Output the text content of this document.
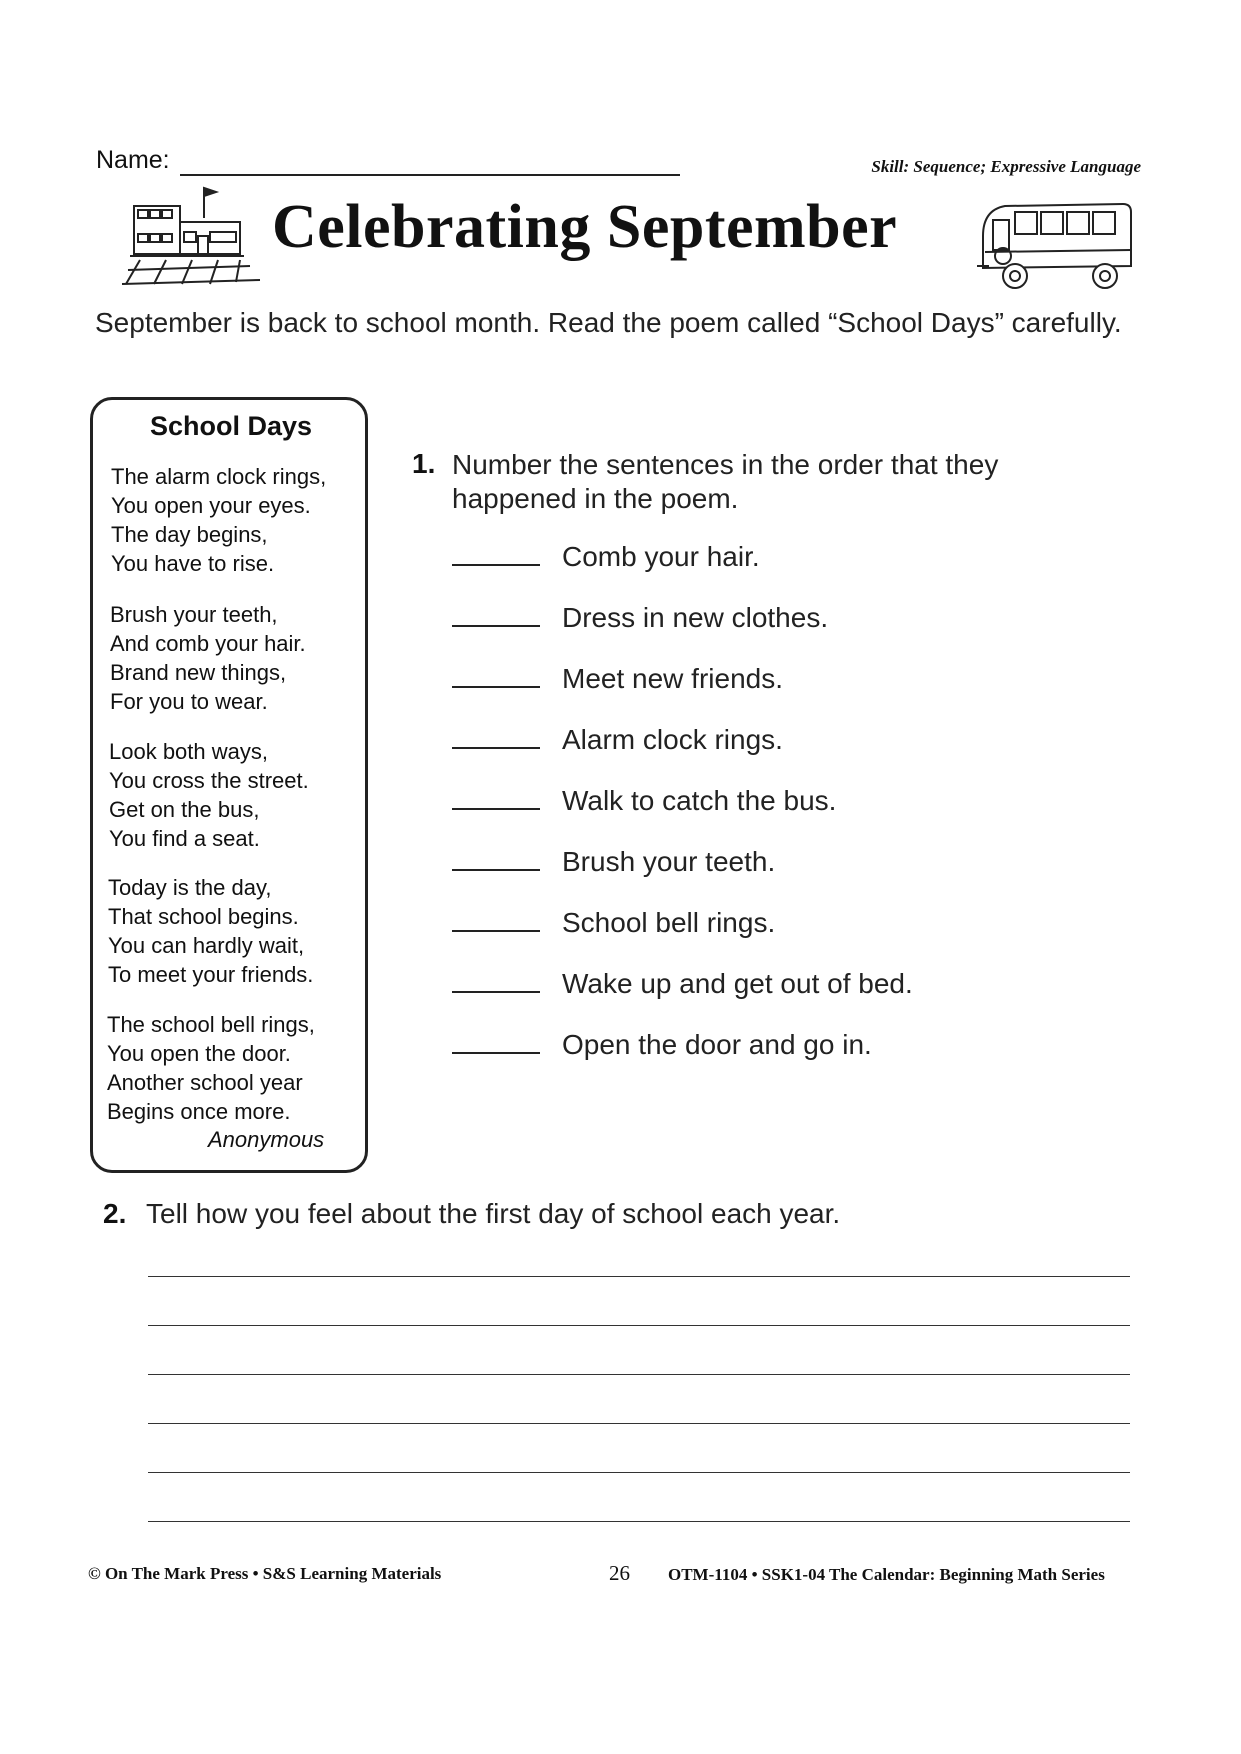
Name:	Skill: Sequence; Expressive Language
Celebrating September
September is back to school month. Read the poem called “School Days” carefully.
School Days
The alarm clock rings,
You open your eyes.
The day begins,
You have to rise.
Brush your teeth,
And comb your hair.
Brand new things,
For you to wear.
Look both ways,
You cross the street.
Get on the bus,
You find a seat.
Today is the day,
That school begins.
You can hardly wait,
To meet your friends.
The school bell rings,
You open the door.
Another school year
Begins once more.
Anonymous
1. Number the sentences in the order that they happened in the poem.
Comb your hair.
Dress in new clothes.
Meet new friends.
Alarm clock rings.
Walk to catch the bus.
Brush your teeth.
School bell rings.
Wake up and get out of bed.
Open the door and go in.
2. Tell how you feel about the first day of school each year.
© On The Mark Press • S&S Learning Materials	26 OTM-1104 • SSK1-04 The Calendar: Beginning Math Series
